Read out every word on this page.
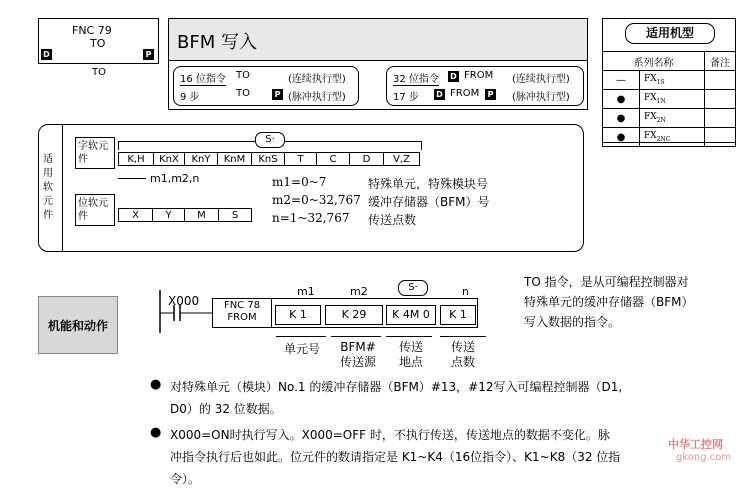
FNC 79
TO
D	P
TO
BFM 写入
16 位指令 TO	(连续执行型)
9 步	TO	P (脉冲执行型)
32 位指令 D FROM (连续执行型)
17 步 D FROM	P (脉冲执行型)
适用机型
系列名称		备注
—	$FX_{1S}$	
●	$FX_{1N}$	
●	$FX_{2N}$	
●	$FX_{2NC}$	
适用软元件
字软元件
S·
K,H	KnX	KnY	KnM	KnS	T	C	D	V,Z
m1,m2,n
位软元件	X	Y	M	S
m1=0~7	特殊单元，特殊模块号
m2=0~32,767 缓冲存储器（BFM）号
n=1~32,767 传送点数
机能和动作
X000	FNC 78
FROM	K 1	K 29	K 4M 0	K 1
m1	m2	S·	n
单元号	BFM#
传送源
传送
地点
传送
点数
TO 指令，是从可编程控制器对
特殊单元的缓冲存储器（BFM）
写入数据的指令。
● 对特殊单元（模块）No.1 的缓冲存储器（BFM）#13，#12写入可编程控制器（D1,
D0）的 32 位数据。
● X000=ON时执行写入。X000=OFF 时，不执行传送，传送地点的数据不变化。脉
冲指令执行后也如此。位元件的数请指定是 K1~K4（16位指令）、K1~K8（32 位指
令）。
中华工控网
gkong.com
